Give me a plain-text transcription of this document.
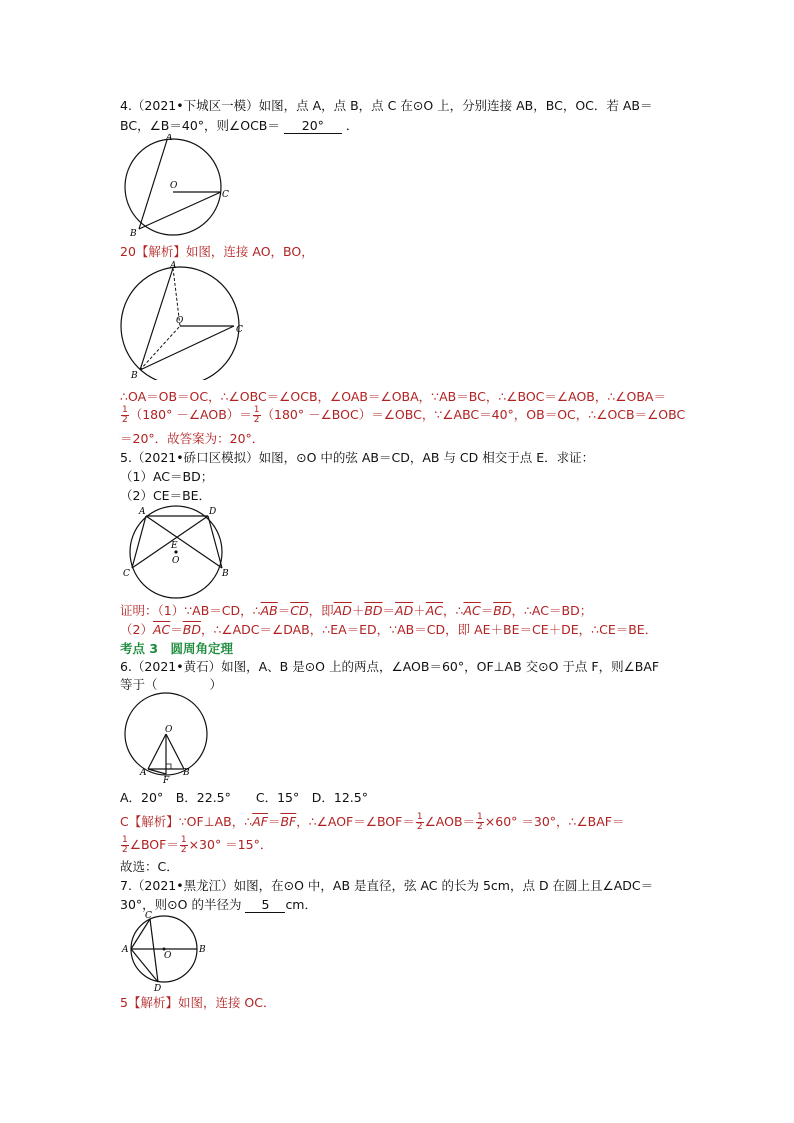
4.（2021•下城区一模）如图，点 A，点 B，点 C 在⊙O 上，分别连接 AB，BC，OC．若 AB＝
BC，∠B＝40°，则∠OCB＝ 20° ．
A
B
C
O
20【解析】如图，连接 AO，BO，
A
B
C
O
∴OA＝OB＝OC，∴∠OBC＝∠OCB，∠OAB＝∠OBA，∵AB＝BC，∴∠BOC＝∠AOB，∴∠OBA＝
$\frac{1}{2} (180^\circ$ －∠AOB）＝ $\frac{1}{2} (180^\circ$ －∠BOC）＝∠OBC，∵∠ABC＝40°，OB＝OC，∴∠OCB＝∠OBC
＝20°．故答案为：20°．
5.（2021•硚口区模拟）如图，⊙O 中的弦 AB＝CD，AB 与 CD 相交于点 E．求证：
（1）AC＝BD；
（2）CE＝BE．
A	D
C	B
E
O
证明：（1）∵AB＝CD，$\therefore\overline{AB}=\overline{CD}$，即$\overline{AD}+\overline{BD}=\overline{AD}+\overline{AC}$，$\therefore\overline{AC}=\overline{BD}$，∴AC＝BD；
$(2)\overline{AC}=\overline{BD}$，∴∠ADC＝∠DAB，∴EA＝ED，∵AB＝CD，即 AE＋BE＝CE＋DE，∴CE＝BE．
考点 3　圆周角定理
6.（2021•黄石）如图，A、B 是⊙O 上的两点，∠AOB＝60°，OF⊥AB 交⊙O 于点 F，则∠BAF
等于（	）
O
A	B
F
A．20°　B．22.5°　　C．15°　D．12.5°
C【解析】∵OF⊥AB，$\therefore\overline{AF}=\overline{BF}$，∴∠AOF＝∠BOF＝ $\frac{1}{2}$ ∠AOB＝ $\frac{1}{2} \times 60^\circ =30^\circ$，∴∠BAF＝
$\frac{1}{2}$ ∠BOF＝ $\frac{1}{2} \times 30^\circ =15^\circ$．
故选：C．
7.（2021•黑龙江）如图，在⊙O 中，AB 是直径，弦 AC 的长为 5cm，点 D 在圆上且∠ADC＝
30°，则⊙O 的半径为 5 cm．
C
A	B
O
D
5【解析】如图，连接 OC．
